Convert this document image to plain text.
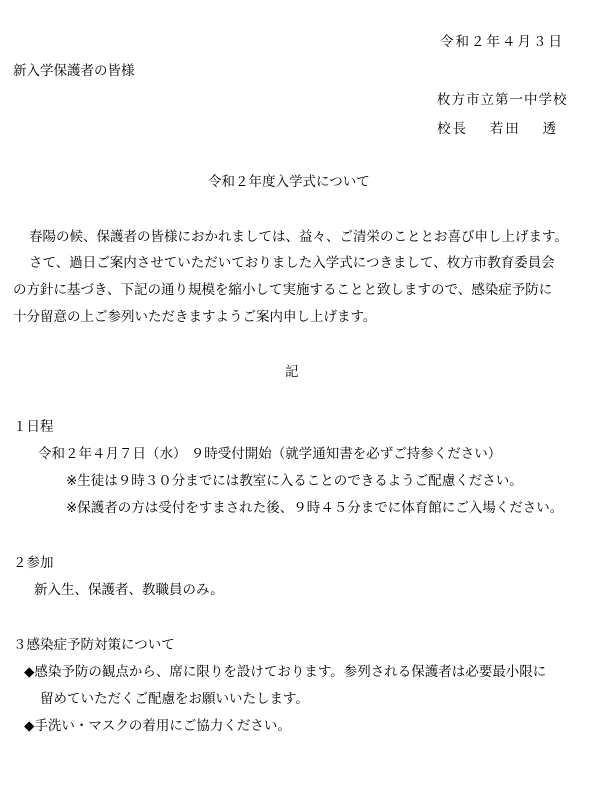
令和２年４月３日
新入学保護者の皆様
枚方市立第一中学校
校長　 若田　 透
令和２年度入学式について
春陽の候、保護者の皆様におかれましては、益々、ご清栄のこととお喜び申し上げます。
さて、過日ご案内させていただいておりました入学式につきまして、枚方市教育委員会
の方針に基づき、下記の通り規模を縮小して実施することと致しますので、感染症予防に
十分留意の上ご参列いただきますようご案内申し上げます。
記
１日程
令和２年４月７日（水） ９時受付開始（就学通知書を必ずご持参ください）
※生徒は９時３０分までには教室に入ることのできるようご配慮ください。
※保護者の方は受付をすまされた後、９時４５分までに体育館にご入場ください。
２参加
新入生、保護者、教職員のみ。
３感染症予防対策について
◆感染予防の観点から、席に限りを設けております。参列される保護者は必要最小限に
留めていただくご配慮をお願いいたします。
◆手洗い・マスクの着用にご協力ください。
